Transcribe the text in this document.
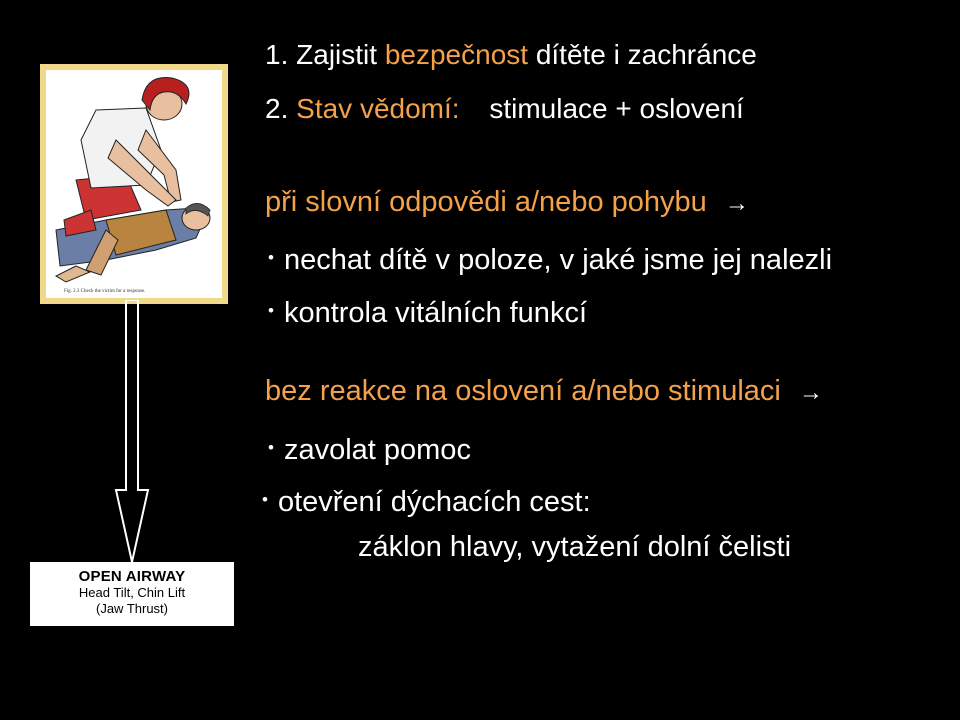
Fig. 2.3 Check the victim for a response.
OPEN AIRWAY
Head Tilt, Chin Lift
(Jaw Thrust)
1. Zajistit bezpečnost dítěte i zachránce
2. Stav vědomí: stimulace + oslovení
při slovní odpovědi a/nebo pohybu →
• nechat dítě v poloze, v jaké jsme jej nalezli
• kontrola vitálních funkcí
bez reakce na oslovení a/nebo stimulaci →
• zavolat pomoc
• otevření dýchacích cest:
záklon hlavy, vytažení dolní čelisti
